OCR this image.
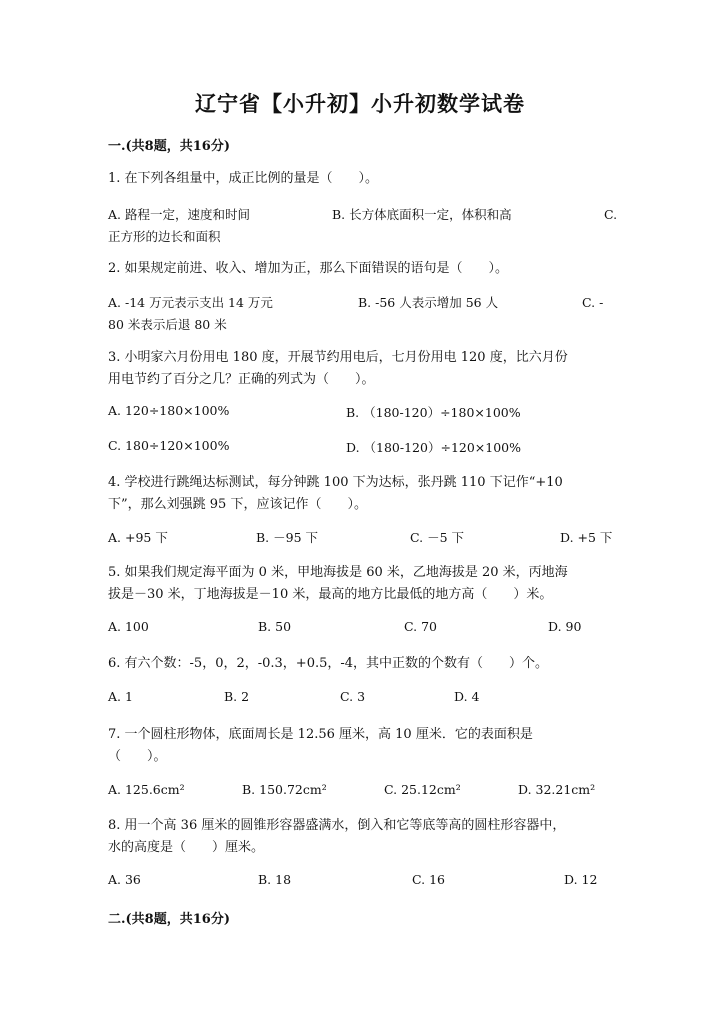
辽宁省【小升初】小升初数学试卷
一.(共8题，共16分)
1. 在下列各组量中，成正比例的量是（　　）。
A. 路程一定，速度和时间	B. 长方体底面积一定，体积和高	C.
正方形的边长和面积
2. 如果规定前进、收入、增加为正，那么下面错误的语句是（　　）。
A. -14 万元表示支出 14 万元	B. -56 人表示增加 56 人	C. -
80 米表示后退 80 米
3. 小明家六月份用电 180 度，开展节约用电后，七月份用电 120 度，比六月份
用电节约了百分之几？正确的列式为（　　）。
A. 120÷180×100%	B. （180-120）÷180×100%
C. 180÷120×100%	D. （180-120）÷120×100%
4. 学校进行跳绳达标测试，每分钟跳 100 下为达标，张丹跳 110 下记作“+10
下”，那么刘强跳 95 下，应该记作（　　）。
A. +95 下	B. －95 下	C. －5 下	D. +5 下
5. 如果我们规定海平面为 0 米，甲地海拔是 60 米，乙地海拔是 20 米，丙地海
拔是－30 米，丁地海拔是－10 米，最高的地方比最低的地方高（　　）米。
A. 100	B. 50	C. 70	D. 90
6. 有六个数：-5，0，2，-0.3，+0.5，-4，其中正数的个数有（　　）个。
A. 1	B. 2	C. 3	D. 4
7. 一个圆柱形物体，底面周长是 12.56 厘米，高 10 厘米．它的表面积是
（　　）。
A. 125.6cm²	B. 150.72cm²	C. 25.12cm²	D. 32.21cm²
8. 用一个高 36 厘米的圆锥形容器盛满水，倒入和它等底等高的圆柱形容器中，
水的高度是（　　）厘米。
A. 36	B. 18	C. 16	D. 12
二.(共8题，共16分)
